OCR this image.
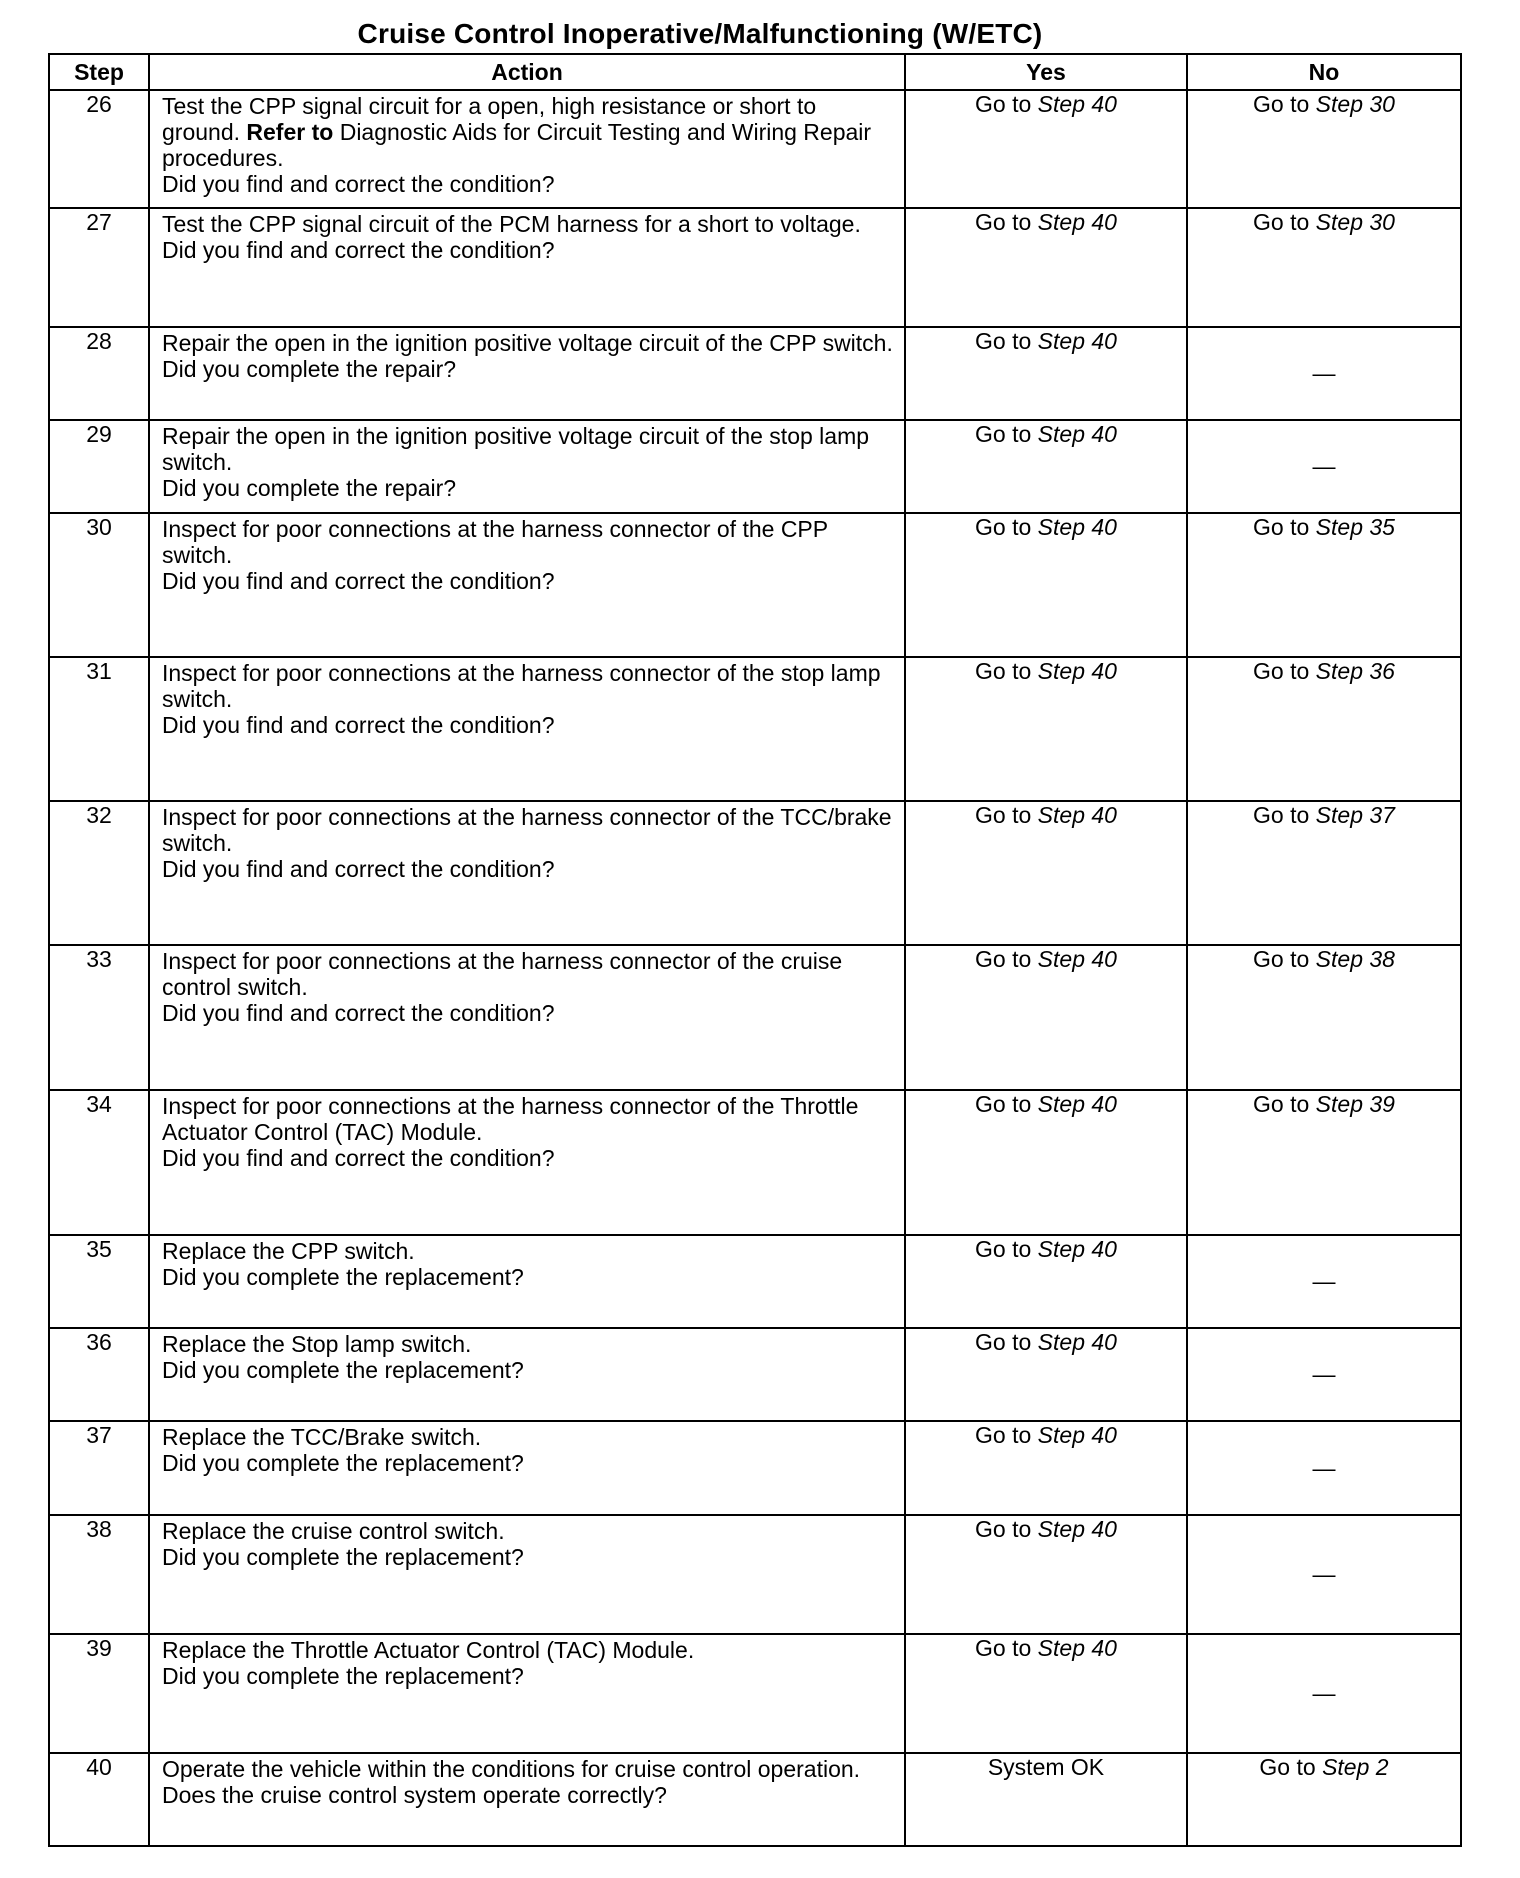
Cruise Control Inoperative/Malfunctioning (W/ETC)
Step	Action	Yes	No
26	Test the CPP signal circuit for a open, high resistance or short to ground. Refer to Diagnostic Aids for Circuit Testing and Wiring Repair procedures.
Did you find and correct the condition?	Go to Step 40	Go to Step 30
27	Test the CPP signal circuit of the PCM harness for a short to voltage.
Did you find and correct the condition?	Go to Step 40	Go to Step 30
28	Repair the open in the ignition positive voltage circuit of the CPP switch.
Did you complete the repair?	Go to Step 40	—
29	Repair the open in the ignition positive voltage circuit of the stop lamp switch.
Did you complete the repair?	Go to Step 40	—
30	Inspect for poor connections at the harness connector of the CPP switch.
Did you find and correct the condition?	Go to Step 40	Go to Step 35
31	Inspect for poor connections at the harness connector of the stop lamp switch.
Did you find and correct the condition?	Go to Step 40	Go to Step 36
32	Inspect for poor connections at the harness connector of the TCC/brake switch.
Did you find and correct the condition?	Go to Step 40	Go to Step 37
33	Inspect for poor connections at the harness connector of the cruise control switch.
Did you find and correct the condition?	Go to Step 40	Go to Step 38
34	Inspect for poor connections at the harness connector of the Throttle Actuator Control (TAC) Module.
Did you find and correct the condition?	Go to Step 40	Go to Step 39
35	Replace the CPP switch.
Did you complete the replacement?	Go to Step 40	—
36	Replace the Stop lamp switch.
Did you complete the replacement?	Go to Step 40	—
37	Replace the TCC/Brake switch.
Did you complete the replacement?	Go to Step 40	—
38	Replace the cruise control switch.
Did you complete the replacement?	Go to Step 40	—
39	Replace the Throttle Actuator Control (TAC) Module.
Did you complete the replacement?	Go to Step 40	—
40	Operate the vehicle within the conditions for cruise control operation.
Does the cruise control system operate correctly?	System OK	Go to Step 2
